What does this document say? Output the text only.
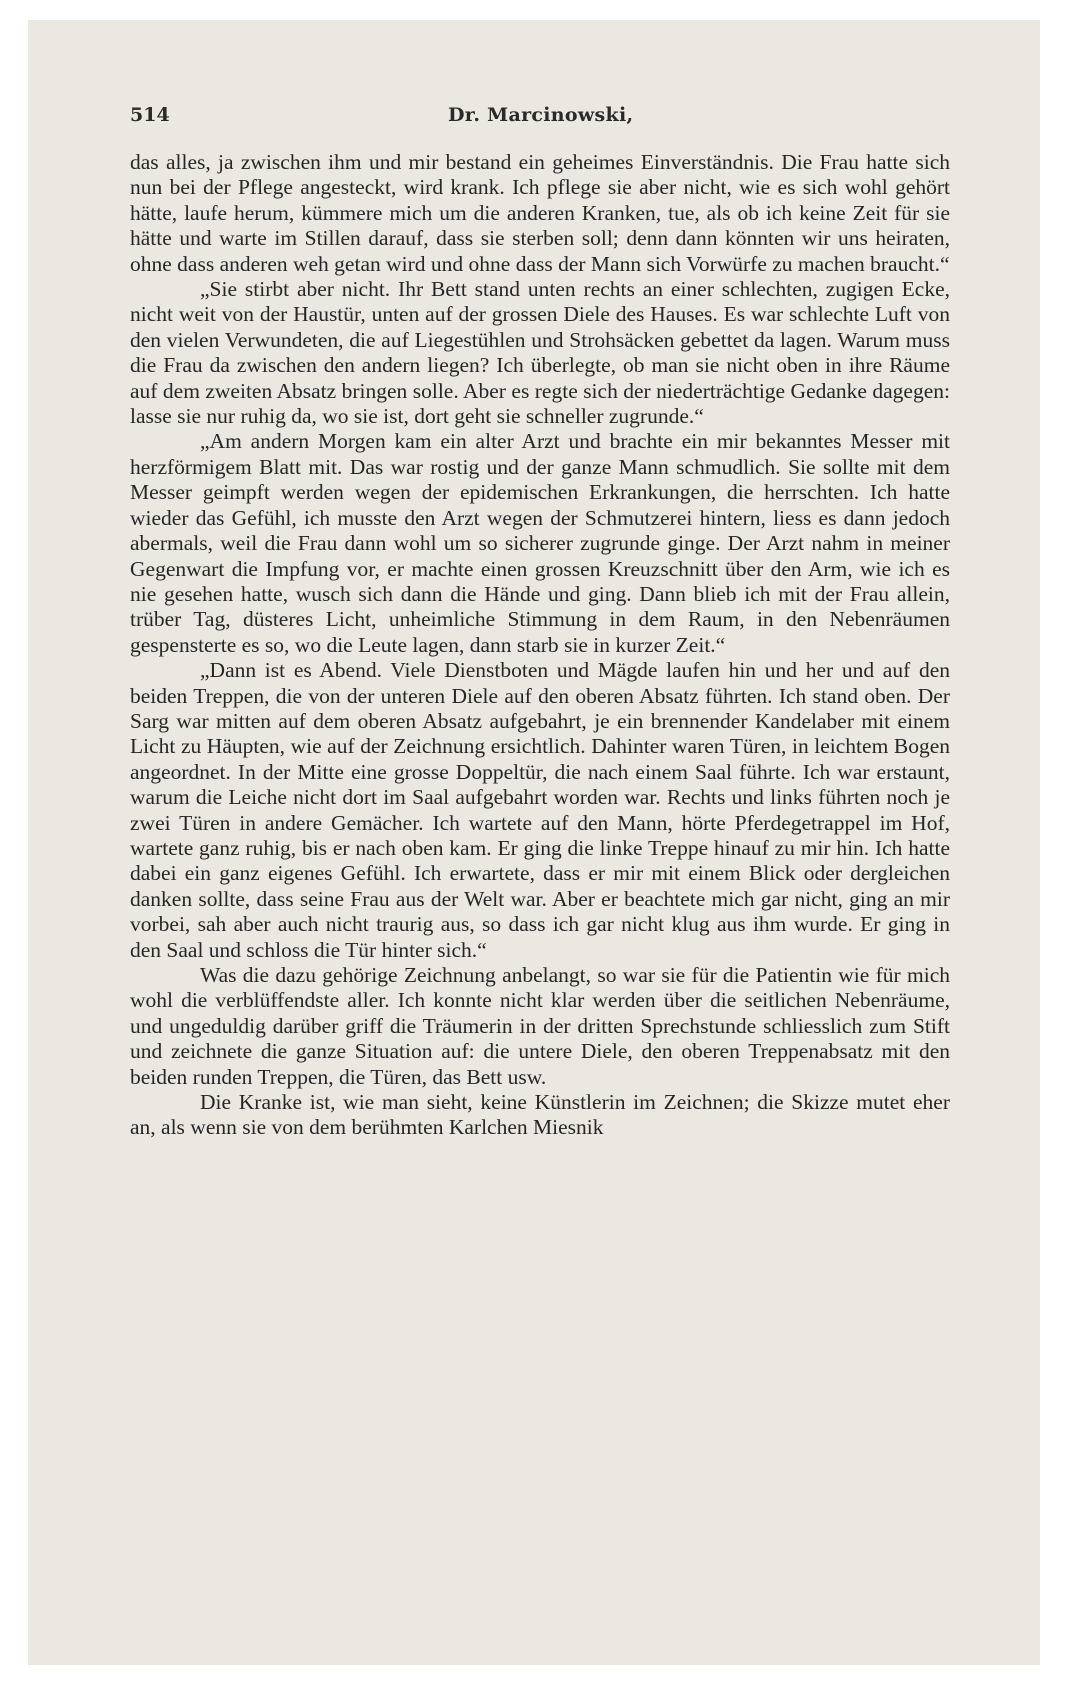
514	Dr. Marcinowski,

das alles, ja zwischen ihm und mir bestand ein geheimes Einverständnis. Die Frau hatte sich nun bei der Pflege angesteckt, wird krank. Ich pflege sie aber nicht, wie es sich wohl gehört hätte, laufe herum, kümmere mich um die anderen Kranken, tue, als ob ich keine Zeit für sie hätte und warte im Stillen darauf, dass sie sterben soll; denn dann könnten wir uns heiraten, ohne dass anderen weh getan wird und ohne dass der Mann sich Vorwürfe zu machen braucht.“

„Sie stirbt aber nicht. Ihr Bett stand unten rechts an einer schlechten, zugigen Ecke, nicht weit von der Haustür, unten auf der grossen Diele des Hauses. Es war schlechte Luft von den vielen Verwundeten, die auf Liegestühlen und Strohsäcken gebettet da lagen. Warum muss die Frau da zwischen den andern liegen? Ich überlegte, ob man sie nicht oben in ihre Räume auf dem zweiten Absatz bringen solle. Aber es regte sich der niederträchtige Gedanke dagegen: lasse sie nur ruhig da, wo sie ist, dort geht sie schneller zugrunde.“

„Am andern Morgen kam ein alter Arzt und brachte ein mir bekanntes Messer mit herzförmigem Blatt mit. Das war rostig und der ganze Mann schmudlich. Sie sollte mit dem Messer geimpft werden wegen der epidemischen Erkrankungen, die herrschten. Ich hatte wieder das Gefühl, ich musste den Arzt wegen der Schmutzerei hintern, liess es dann jedoch abermals, weil die Frau dann wohl um so sicherer zugrunde ginge. Der Arzt nahm in meiner Gegenwart die Impfung vor, er machte einen grossen Kreuzschnitt über den Arm, wie ich es nie gesehen hatte, wusch sich dann die Hände und ging. Dann blieb ich mit der Frau allein, trüber Tag, düsteres Licht, unheimliche Stimmung in dem Raum, in den Nebenräumen gespensterte es so, wo die Leute lagen, dann starb sie in kurzer Zeit.“

„Dann ist es Abend. Viele Dienstboten und Mägde laufen hin und her und auf den beiden Treppen, die von der unteren Diele auf den oberen Absatz führten. Ich stand oben. Der Sarg war mitten auf dem oberen Absatz aufgebahrt, je ein brennender Kandelaber mit einem Licht zu Häupten, wie auf der Zeichnung ersichtlich. Dahinter waren Türen, in leichtem Bogen angeordnet. In der Mitte eine grosse Doppeltür, die nach einem Saal führte. Ich war erstaunt, warum die Leiche nicht dort im Saal aufgebahrt worden war. Rechts und links führten noch je zwei Türen in andere Gemächer. Ich wartete auf den Mann, hörte Pferdegetrappel im Hof, wartete ganz ruhig, bis er nach oben kam. Er ging die linke Treppe hinauf zu mir hin. Ich hatte dabei ein ganz eigenes Gefühl. Ich erwartete, dass er mir mit einem Blick oder dergleichen danken sollte, dass seine Frau aus der Welt war. Aber er beachtete mich gar nicht, ging an mir vorbei, sah aber auch nicht traurig aus, so dass ich gar nicht klug aus ihm wurde. Er ging in den Saal und schloss die Tür hinter sich.“

Was die dazu gehörige Zeichnung anbelangt, so war sie für die Patientin wie für mich wohl die verblüffendste aller. Ich konnte nicht klar werden über die seitlichen Nebenräume, und ungeduldig darüber griff die Träumerin in der dritten Sprechstunde schliesslich zum Stift und zeichnete die ganze Situation auf: die untere Diele, den oberen Treppenabsatz mit den beiden runden Treppen, die Türen, das Bett usw.

Die Kranke ist, wie man sieht, keine Künstlerin im Zeichnen; die Skizze mutet eher an, als wenn sie von dem berühmten Karlchen Miesnik
